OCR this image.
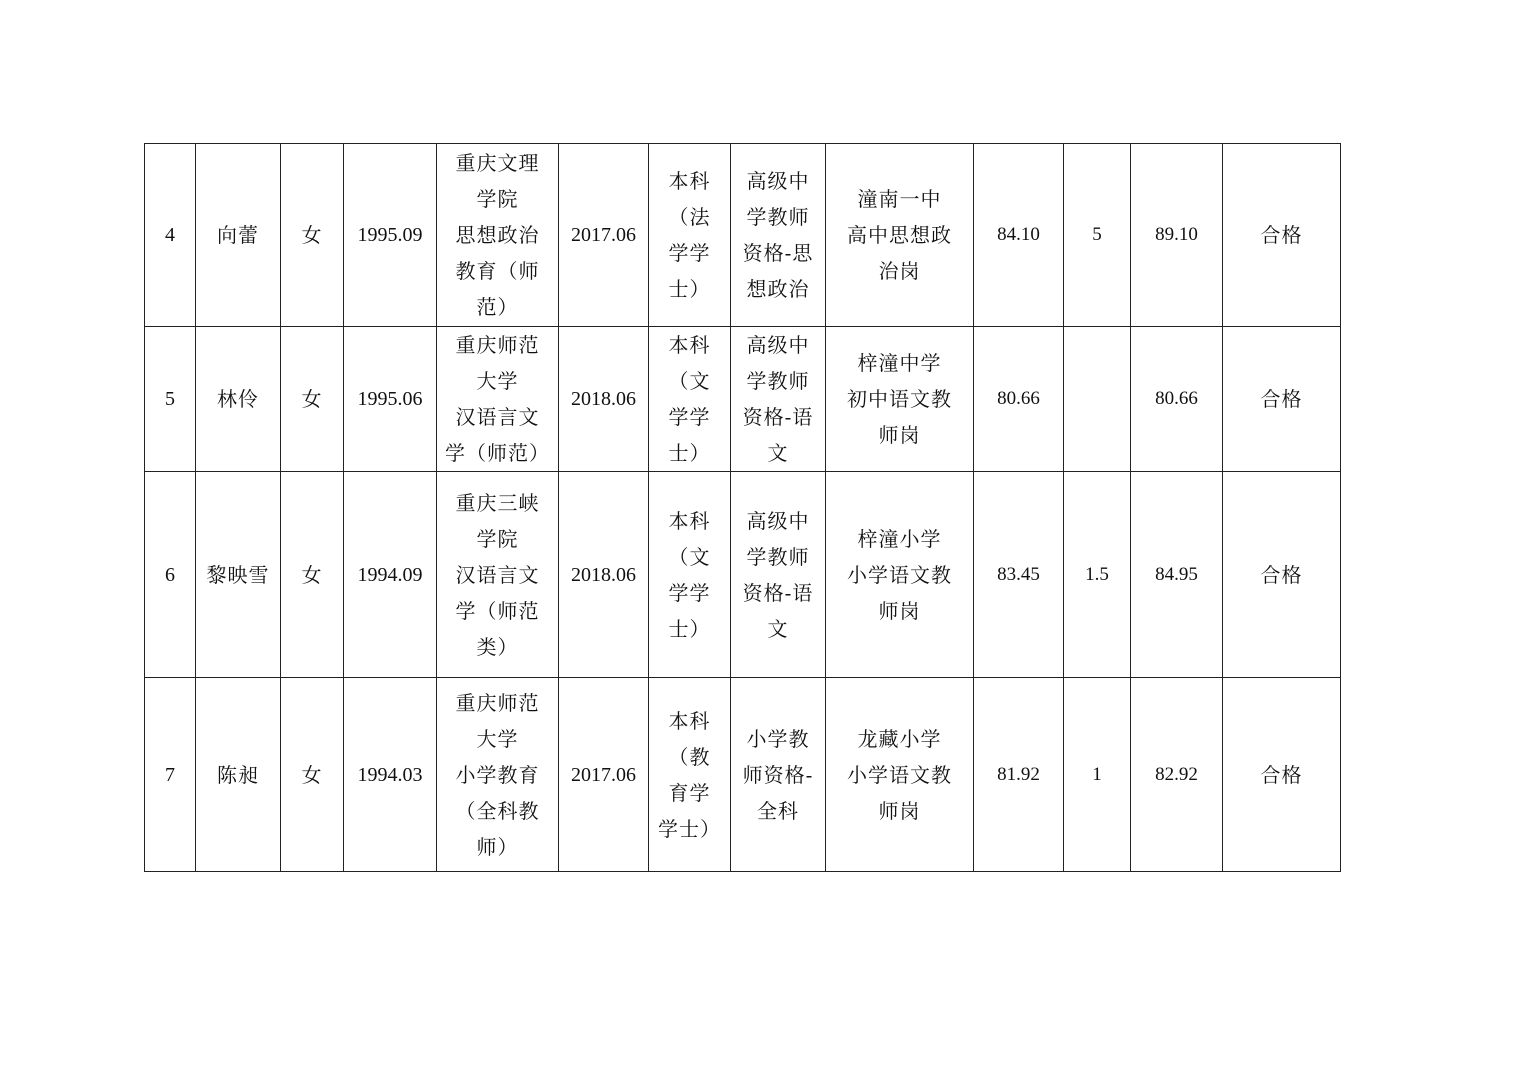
4	向蕾	女	1995.09	重庆文理
学院
思想政治
教育（师
范）	2017.06	本科
（法
学学
士）	高级中
学教师
资格-思
想政治	潼南一中
高中思想政
治岗	84.10	5	89.10	合格
5	林伶	女	1995.06	重庆师范
大学
汉语言文
学（师范）	2018.06	本科
（文
学学
士）	高级中
学教师
资格-语
文	梓潼中学
初中语文教
师岗	80.66		80.66	合格
6	黎映雪	女	1994.09	重庆三峡
学院
汉语言文
学（师范
类）	2018.06	本科
（文
学学
士）	高级中
学教师
资格-语
文	梓潼小学
小学语文教
师岗	83.45	1.5	84.95	合格
7	陈昶	女	1994.03	重庆师范
大学
小学教育
（全科教
师）	2017.06	本科
（教
育学
学士）	小学教
师资格-
全科	龙藏小学
小学语文教
师岗	81.92	1	82.92	合格
